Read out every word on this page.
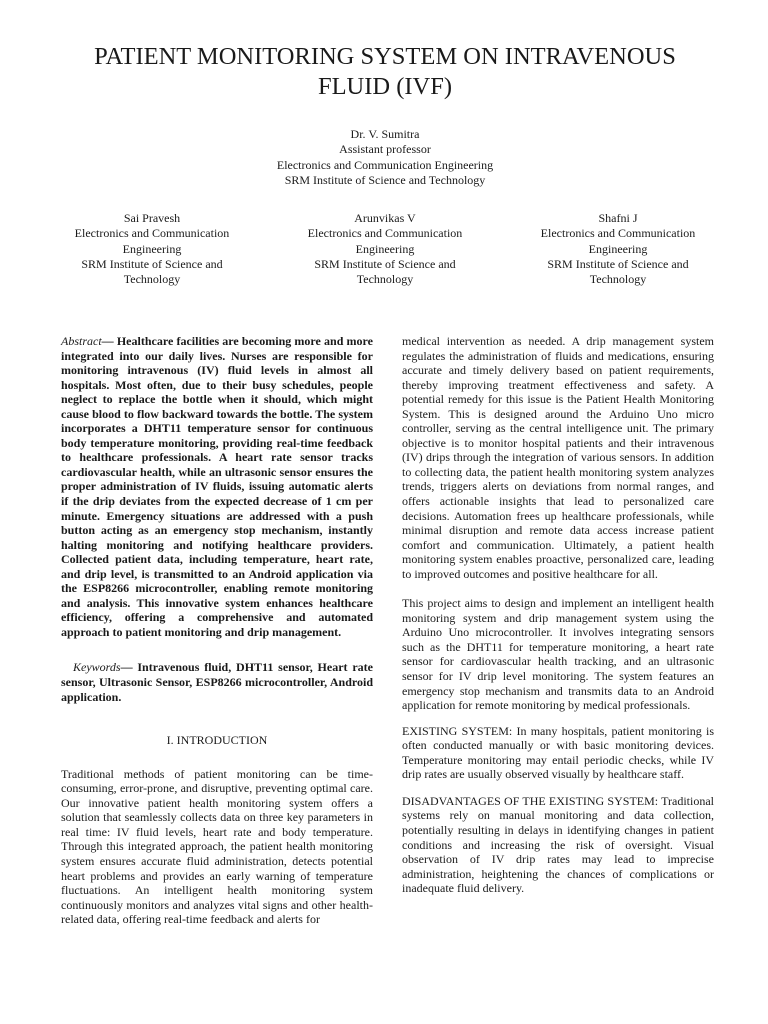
PATIENT MONITORING SYSTEM ON INTRAVENOUS FLUID (IVF)
Dr. V. Sumitra
Assistant professor
Electronics and Communication Engineering
SRM Institute of Science and Technology
Sai Pravesh
Electronics and Communication
Engineering
SRM Institute of Science and
Technology
Arunvikas V
Electronics and Communication
Engineering
SRM Institute of Science and
Technology
Shafni J
Electronics and Communication
Engineering
SRM Institute of Science and
Technology

Abstract— Healthcare facilities are becoming more and more integrated into our daily lives. Nurses are responsible for monitoring intravenous (IV) fluid levels in almost all hospitals. Most often, due to their busy schedules, people neglect to replace the bottle when it should, which might cause blood to flow backward towards the bottle. The system incorporates a DHT11 temperature sensor for continuous body temperature monitoring, providing real-time feedback to healthcare professionals. A heart rate sensor tracks cardiovascular health, while an ultrasonic sensor ensures the proper administration of IV fluids, issuing automatic alerts if the drip deviates from the expected decrease of 1 cm per minute. Emergency situations are addressed with a push button acting as an emergency stop mechanism, instantly halting monitoring and notifying healthcare providers. Collected patient data, including temperature, heart rate, and drip level, is transmitted to an Android application via the ESP8266 microcontroller, enabling remote monitoring and analysis. This innovative system enhances healthcare efficiency, offering a comprehensive and automated approach to patient monitoring and drip management.

Keywords— Intravenous fluid, DHT11 sensor, Heart rate sensor, Ultrasonic Sensor, ESP8266 microcontroller, Android application.

I. INTRODUCTION

Traditional methods of patient monitoring can be time-consuming, error-prone, and disruptive, preventing optimal care. Our innovative patient health monitoring system offers a solution that seamlessly collects data on three key parameters in real time: IV fluid levels, heart rate and body temperature. Through this integrated approach, the patient health monitoring system ensures accurate fluid administration, detects potential heart problems and provides an early warning of temperature fluctuations. An intelligent health monitoring system continuously monitors and analyzes vital signs and other health-related data, offering real-time feedback and alerts for

medical intervention as needed. A drip management system regulates the administration of fluids and medications, ensuring accurate and timely delivery based on patient requirements, thereby improving treatment effectiveness and safety. A potential remedy for this issue is the Patient Health Monitoring System. This is designed around the Arduino Uno micro controller, serving as the central intelligence unit. The primary objective is to monitor hospital patients and their intravenous (IV) drips through the integration of various sensors. In addition to collecting data, the patient health monitoring system analyzes trends, triggers alerts on deviations from normal ranges, and offers actionable insights that lead to personalized care decisions. Automation frees up healthcare professionals, while minimal disruption and remote data access increase patient comfort and communication. Ultimately, a patient health monitoring system enables proactive, personalized care, leading to improved outcomes and positive healthcare for all.

This project aims to design and implement an intelligent health monitoring system and drip management system using the Arduino Uno microcontroller. It involves integrating sensors such as the DHT11 for temperature monitoring, a heart rate sensor for cardiovascular health tracking, and an ultrasonic sensor for IV drip level monitoring. The system features an emergency stop mechanism and transmits data to an Android application for remote monitoring by medical professionals.

EXISTING SYSTEM: In many hospitals, patient monitoring is often conducted manually or with basic monitoring devices. Temperature monitoring may entail periodic checks, while IV drip rates are usually observed visually by healthcare staff.

DISADVANTAGES OF THE EXISTING SYSTEM: Traditional systems rely on manual monitoring and data collection, potentially resulting in delays in identifying changes in patient conditions and increasing the risk of oversight. Visual observation of IV drip rates may lead to imprecise administration, heightening the chances of complications or inadequate fluid delivery.
